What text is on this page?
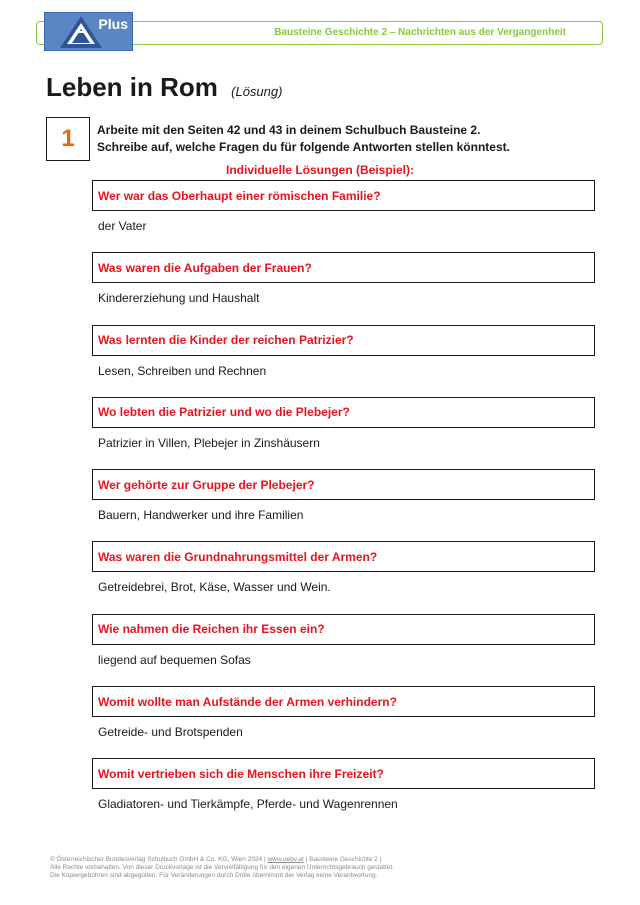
Bausteine Geschichte 2 – Nachrichten aus der Vergangenheit
Plus
Leben in Rom (Lösung)
1 Arbeite mit den Seiten 42 und 43 in deinem Schulbuch Bausteine 2.
Schreibe auf, welche Fragen du für folgende Antworten stellen könntest.
Individuelle Lösungen (Beispiel):
Wer war das Oberhaupt einer römischen Familie?
der Vater
Was waren die Aufgaben der Frauen?
Kindererziehung und Haushalt
Was lernten die Kinder der reichen Patrizier?
Lesen, Schreiben und Rechnen
Wo lebten die Patrizier und wo die Plebejer?
Patrizier in Villen, Plebejer in Zinshäusern
Wer gehörte zur Gruppe der Plebejer?
Bauern, Handwerker und ihre Familien
Was waren die Grundnahrungsmittel der Armen?
Getreidebrei, Brot, Käse, Wasser und Wein.
Wie nahmen die Reichen ihr Essen ein?
liegend auf bequemen Sofas
Womit wollte man Aufstände der Armen verhindern?
Getreide- und Brotspenden
Womit vertrieben sich die Menschen ihre Freizeit?
Gladiatoren- und Tierkämpfe, Pferde- und Wagenrennen
© Österreichischer Bundesverlag Schulbuch GmbH & Co. KG, Wien 2024 | www.oebv.at | Bausteine Geschichte 2 |
Alle Rechte vorbehalten. Von dieser Druckvorlage ist die Vervielfältigung für den eigenen Unterrichtsgebrauch gestattet.
Die Kopiergebühren sind abgegolten. Für Veränderungen durch Dritte übernimmt der Verlag keine Verantwortung.
